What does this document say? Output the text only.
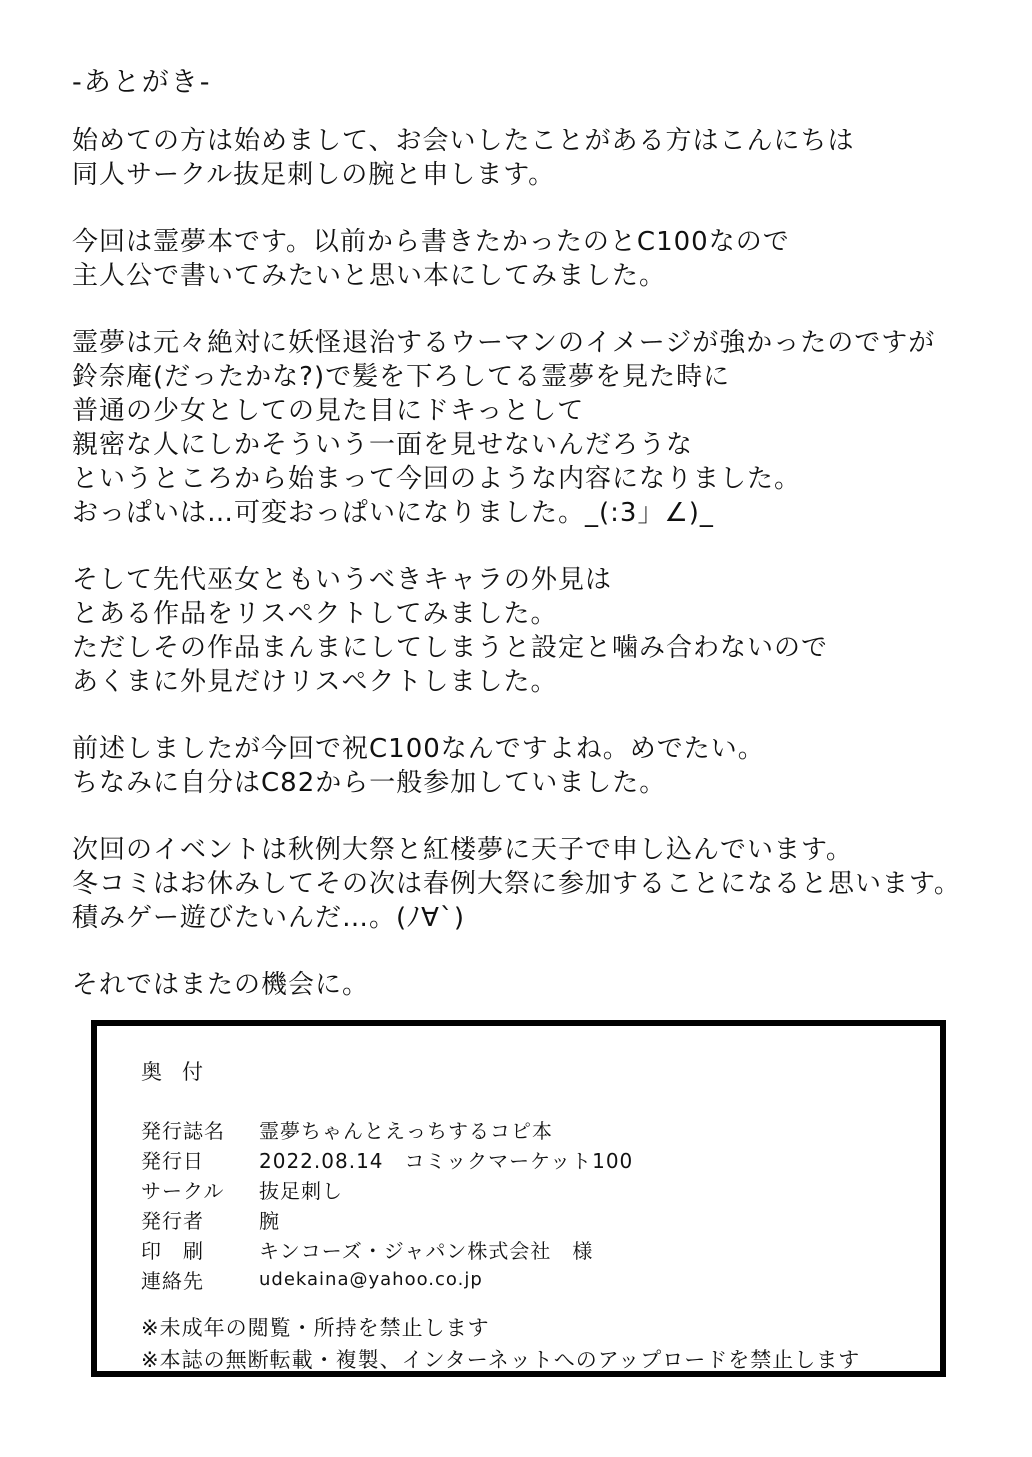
-あとがき-
始めての方は始めまして、お会いしたことがある方はこんにちは
同人サークル抜足刺しの腕と申します。
今回は霊夢本です。以前から書きたかったのとC100なので
主人公で書いてみたいと思い本にしてみました。
霊夢は元々絶対に妖怪退治するウーマンのイメージが強かったのですが
鈴奈庵(だったかな?)で髪を下ろしてる霊夢を見た時に
普通の少女としての見た目にドキっとして
親密な人にしかそういう一面を見せないんだろうな
というところから始まって今回のような内容になりました。
おっぱいは…可変おっぱいになりました。_(:3」∠)_
そして先代巫女ともいうべきキャラの外見は
とある作品をリスペクトしてみました。
ただしその作品まんまにしてしまうと設定と噛み合わないので
あくまに外見だけリスペクトしました。
前述しましたが今回で祝C100なんですよね。めでたい。
ちなみに自分はC82から一般参加していました。
次回のイベントは秋例大祭と紅楼夢に天子で申し込んでいます。
冬コミはお休みしてその次は春例大祭に参加することになると思います。
積みゲー遊びたいんだ…。(ﾉ∀`)
それではまたの機会に。
奥付
発行誌名	霊夢ちゃんとえっちするコピ本
発行日	2022.08.14　コミックマーケット100
サークル	抜足刺し
発行者	腕
印　刷	キンコーズ・ジャパン株式会社　様
連絡先	udekaina@yahoo.co.jp
※未成年の閲覧・所持を禁止します
※本誌の無断転載・複製、インターネットへのアップロードを禁止します
